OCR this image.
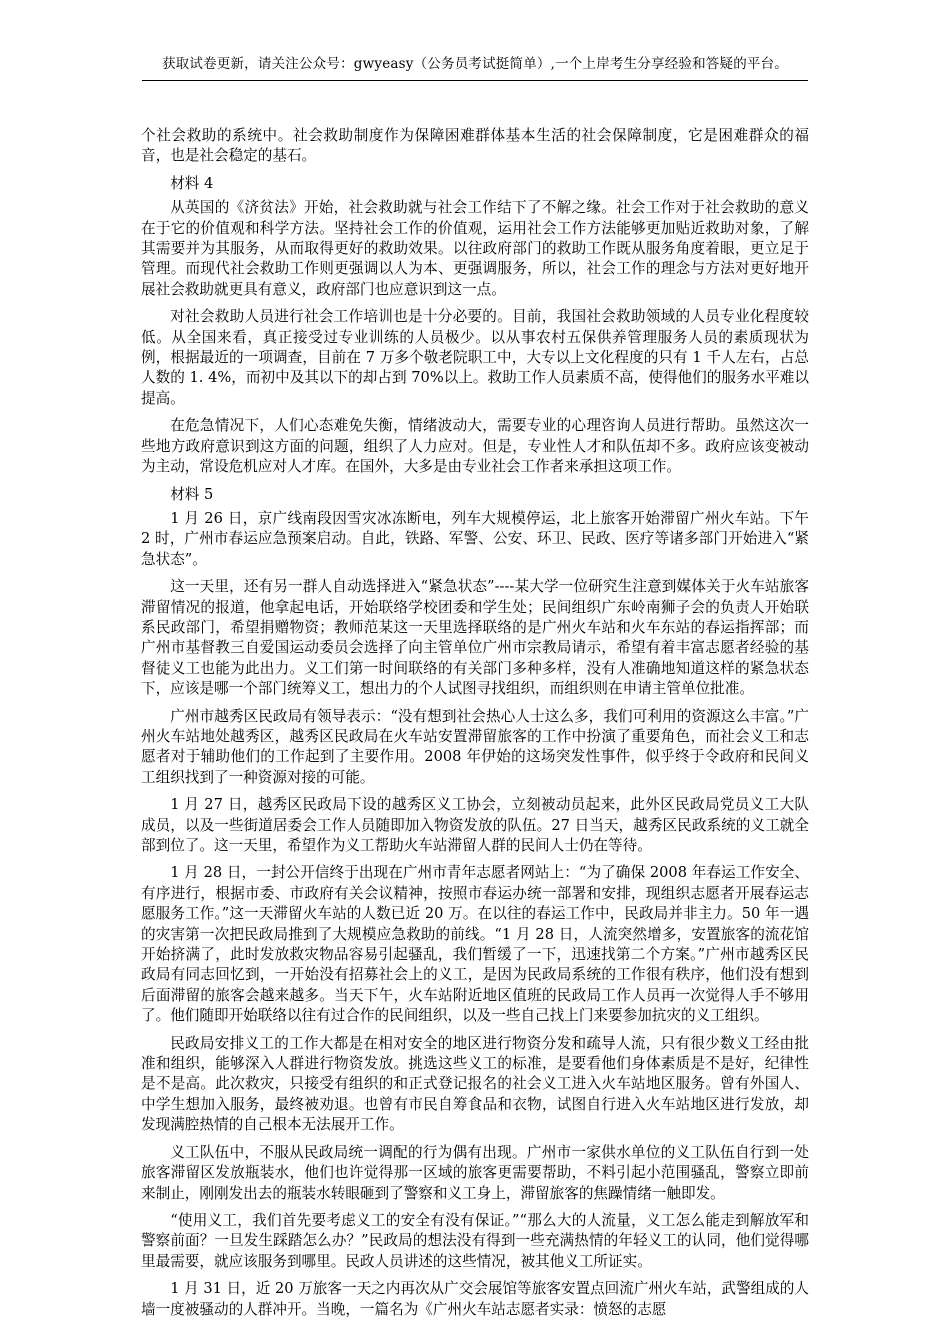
获取试卷更新，请关注公众号：gwyeasy（公务员考试挺简单）,一个上岸考生分享经验和答疑的平台。

个社会救助的系统中。社会救助制度作为保障困难群体基本生活的社会保障制度，它是困难群众的福音，也是社会稳定的基石。

材料 4

从英国的《济贫法》开始，社会救助就与社会工作结下了不解之缘。社会工作对于社会救助的意义在于它的价值观和科学方法。坚持社会工作的价值观，运用社会工作方法能够更加贴近救助对象，了解其需要并为其服务，从而取得更好的救助效果。以往政府部门的救助工作既从服务角度着眼，更立足于管理。而现代社会救助工作则更强调以人为本、更强调服务，所以，社会工作的理念与方法对更好地开展社会救助就更具有意义，政府部门也应意识到这一点。

对社会救助人员进行社会工作培训也是十分必要的。目前，我国社会救助领域的人员专业化程度较低。从全国来看，真正接受过专业训练的人员极少。以从事农村五保供养管理服务人员的素质现状为例，根据最近的一项调查，目前在 7 万多个敬老院职工中，大专以上文化程度的只有 1 千人左右，占总人数的 1. 4%，而初中及其以下的却占到 70%以上。救助工作人员素质不高，使得他们的服务水平难以提高。

在危急情况下，人们心态难免失衡，情绪波动大，需要专业的心理咨询人员进行帮助。虽然这次一些地方政府意识到这方面的问题，组织了人力应对。但是，专业性人才和队伍却不多。政府应该变被动为主动，常设危机应对人才库。在国外，大多是由专业社会工作者来承担这项工作。

材料 5

1 月 26 日，京广线南段因雪灾冰冻断电，列车大规模停运，北上旅客开始滞留广州火车站。下午 2 时，广州市春运应急预案启动。自此，铁路、军警、公安、环卫、民政、医疗等诸多部门开始进入“紧急状态”。

这一天里，还有另一群人自动选择进入“紧急状态”----某大学一位研究生注意到媒体关于火车站旅客滞留情况的报道，他拿起电话，开始联络学校团委和学生处；民间组织广东岭南狮子会的负责人开始联系民政部门，希望捐赠物资；教师范某这一天里选择联络的是广州火车站和火车东站的春运指挥部；而广州市基督教三自爱国运动委员会选择了向主管单位广州市宗教局请示，希望有着丰富志愿者经验的基督徒义工也能为此出力。义工们第一时间联络的有关部门多种多样，没有人准确地知道这样的紧急状态下，应该是哪一个部门统筹义工，想出力的个人试图寻找组织，而组织则在申请主管单位批准。

广州市越秀区民政局有领导表示：“没有想到社会热心人士这么多，我们可利用的资源这么丰富。”广州火车站地处越秀区，越秀区民政局在火车站安置滞留旅客的工作中扮演了重要角色，而社会义工和志愿者对于辅助他们的工作起到了主要作用。2008 年伊始的这场突发性事件，似乎终于令政府和民间义工组织找到了一种资源对接的可能。

1 月 27 日，越秀区民政局下设的越秀区义工协会，立刻被动员起来，此外区民政局党员义工大队成员，以及一些街道居委会工作人员随即加入物资发放的队伍。27 日当天，越秀区民政系统的义工就全部到位了。这一天里，希望作为义工帮助火车站滞留人群的民间人士仍在等待。

1 月 28 日，一封公开信终于出现在广州市青年志愿者网站上：“为了确保 2008 年春运工作安全、有序进行，根据市委、市政府有关会议精神，按照市春运办统一部署和安排，现组织志愿者开展春运志愿服务工作。”这一天滞留火车站的人数已近 20 万。在以往的春运工作中，民政局并非主力。50 年一遇的灾害第一次把民政局推到了大规模应急救助的前线。“1 月 28 日，人流突然增多，安置旅客的流花馆开始挤满了，此时发放救灾物品容易引起骚乱，我们暂缓了一下，迅速找第二个方案。”广州市越秀区民政局有同志回忆到，一开始没有招募社会上的义工，是因为民政局系统的工作很有秩序，他们没有想到后面滞留的旅客会越来越多。当天下午，火车站附近地区值班的民政局工作人员再一次觉得人手不够用了。他们随即开始联络以往有过合作的民间组织，以及一些自己找上门来要参加抗灾的义工组织。

民政局安排义工的工作大都是在相对安全的地区进行物资分发和疏导人流，只有很少数义工经由批准和组织，能够深入人群进行物资发放。挑选这些义工的标准，是要看他们身体素质是不是好，纪律性是不是高。此次救灾，只接受有组织的和正式登记报名的社会义工进入火车站地区服务。曾有外国人、中学生想加入服务，最终被劝退。也曾有市民自筹食品和衣物，试图自行进入火车站地区进行发放，却发现满腔热情的自己根本无法展开工作。

义工队伍中，不服从民政局统一调配的行为偶有出现。广州市一家供水单位的义工队伍自行到一处旅客滞留区发放瓶装水，他们也许觉得那一区域的旅客更需要帮助，不料引起小范围骚乱，警察立即前来制止，刚刚发出去的瓶装水转眼砸到了警察和义工身上，滞留旅客的焦躁情绪一触即发。

“使用义工，我们首先要考虑义工的安全有没有保证。”“那么大的人流量，义工怎么能走到解放军和警察前面？一旦发生踩踏怎么办？”民政局的想法没有得到一些充满热情的年轻义工的认同，他们觉得哪里最需要，就应该服务到哪里。民政人员讲述的这些情况，被其他义工所证实。

1 月 31 日，近 20 万旅客一天之内再次从广交会展馆等旅客安置点回流广州火车站，武警组成的人墙一度被骚动的人群冲开。当晚，一篇名为《广州火车站志愿者实录：愤怒的志愿
